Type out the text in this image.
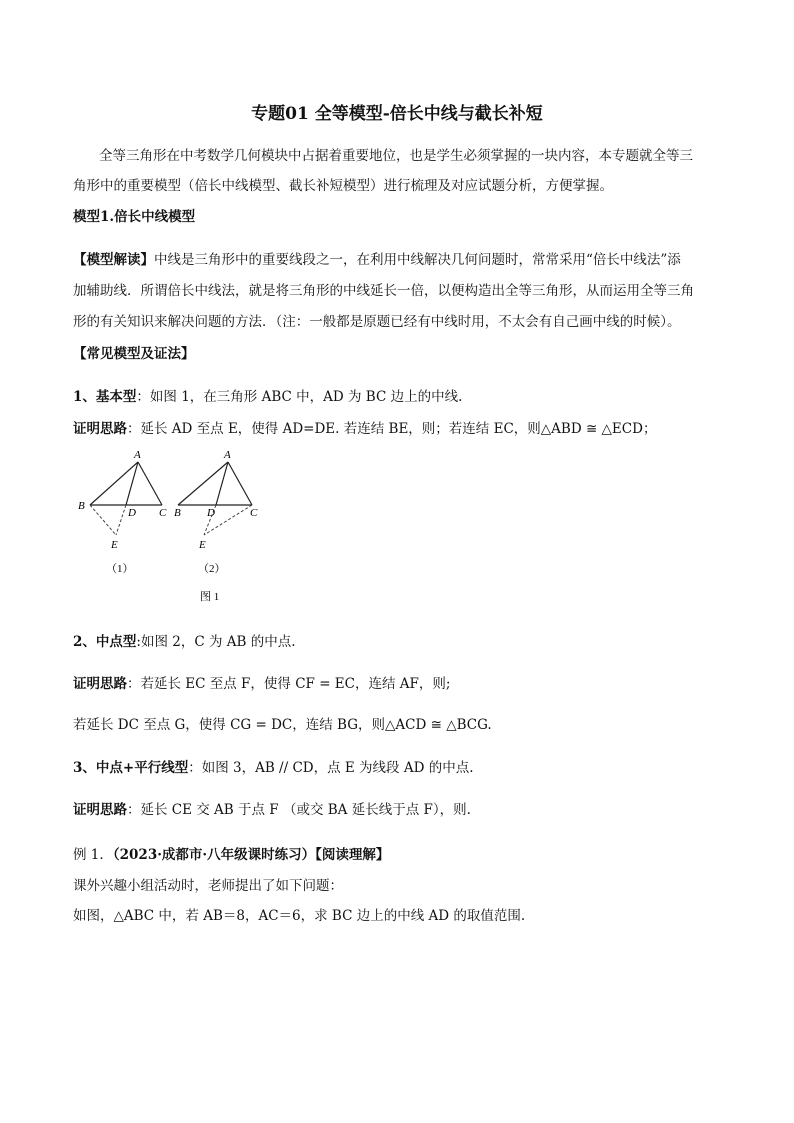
专题01 全等模型-倍长中线与截长补短
全等三角形在中考数学几何模块中占据着重要地位，也是学生必须掌握的一块内容，本专题就全等三
角形中的重要模型（倍长中线模型、截长补短模型）进行梳理及对应试题分析，方便掌握。
模型1.倍长中线模型
【模型解读】中线是三角形中的重要线段之一，在利用中线解决几何问题时，常常采用“倍长中线法”添
加辅助线．所谓倍长中线法，就是将三角形的中线延长一倍，以便构造出全等三角形，从而运用全等三角
形的有关知识来解决问题的方法．（注：一般都是原题已经有中线时用，不太会有自己画中线的时候）。
【常见模型及证法】
1、基本型：如图 1，在三角形 ABC 中，AD 为 BC 边上的中线.
证明思路：延长 AD 至点 E，使得 AD=DE. 若连结 BE，则；若连结 EC，则△ABD ≅ △ECD；
A
B
D C
E
（1）
A
B D	C
E
（2）
图 1
2、中点型:如图 2，C 为 AB 的中点.
证明思路：若延长 EC 至点 F，使得 CF = EC，连结 AF，则;
若延长 DC 至点 G，使得 CG = DC，连结 BG，则△ACD ≅ △BCG.
3、中点+平行线型：如图 3，AB // CD，点 E 为线段 AD 的中点.
证明思路：延长 CE 交 AB 于点 F （或交 BA 延长线于点 F），则.
例 1．（2023·成都市·八年级课时练习）【阅读理解】
课外兴趣小组活动时，老师提出了如下问题：
如图，△ABC 中，若 AB＝8，AC＝6，求 BC 边上的中线 AD 的取值范围.
